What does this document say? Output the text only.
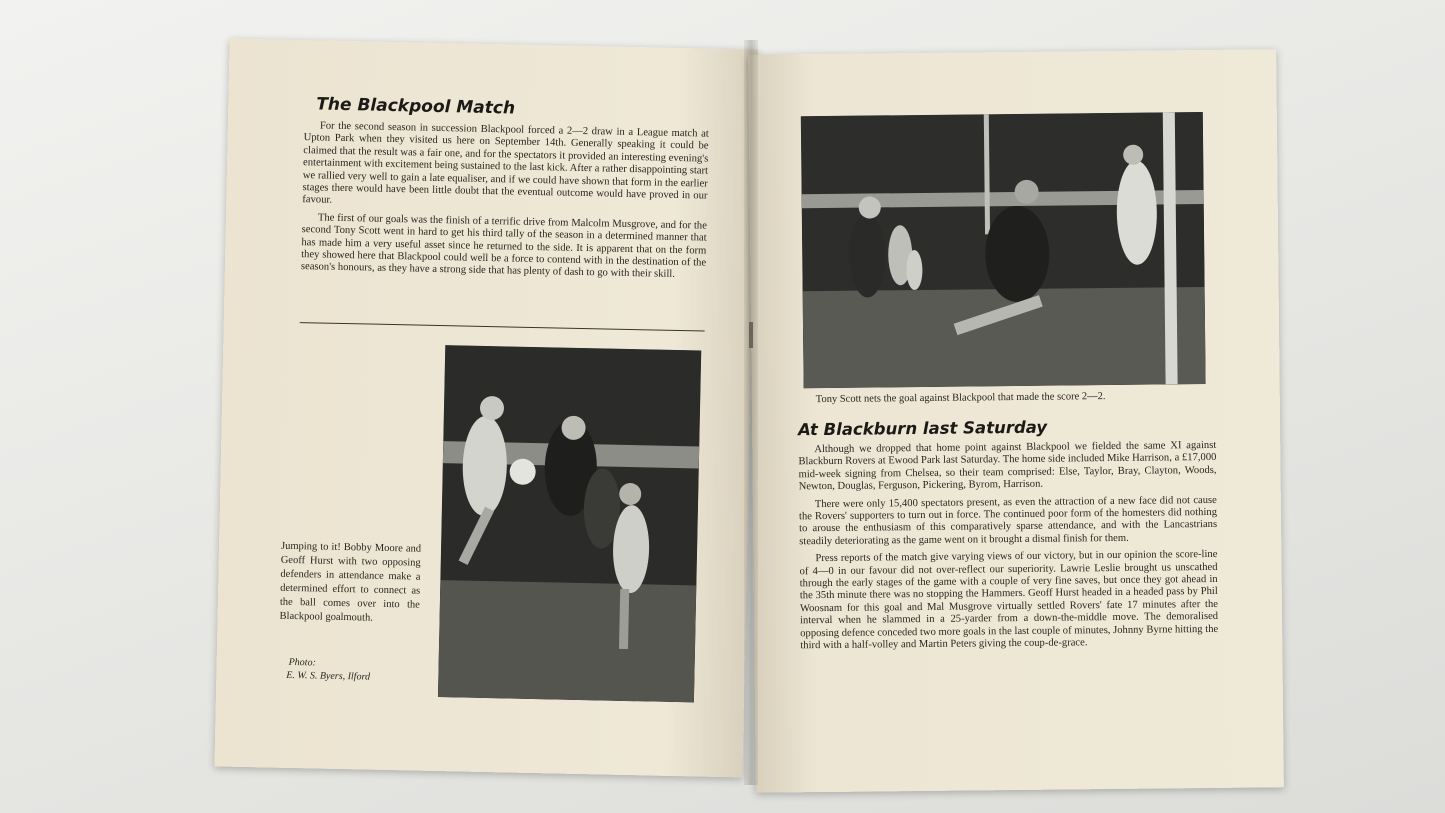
The Blackpool Match

For the second season in succession Blackpool forced a 2—2 draw in a League match at Upton Park when they visited us here on September 14th. Generally speaking it could be claimed that the result was a fair one, and for the spectators it provided an interesting evening's entertainment with excitement being sustained to the last kick. After a rather disappointing start we rallied very well to gain a late equaliser, and if we could have shown that form in the earlier stages there would have been little doubt that the eventual outcome would have proved in our favour.

The first of our goals was the finish of a terrific drive from Malcolm Musgrove, and for the second Tony Scott went in hard to get his third tally of the season in a determined manner that has made him a very useful asset since he returned to the side. It is apparent that on the form they showed here that Blackpool could well be a force to contend with in the destination of the season's honours, as they have a strong side that has plenty of dash to go with their skill.

Jumping to it! Bobby Moore and Geoff Hurst with two opposing defenders in attendance make a determined effort to connect as the ball comes over into the Blackpool goalmouth.
Photo:
E. W. S. Byers, Ilford
Tony Scott nets the goal against Blackpool that made the score 2—2.
At Blackburn last Saturday

Although we dropped that home point against Blackpool we fielded the same XI against Blackburn Rovers at Ewood Park last Saturday. The home side included Mike Harrison, a £17,000 mid-week signing from Chelsea, so their team comprised: Else, Taylor, Bray, Clayton, Woods, Newton, Douglas, Ferguson, Pickering, Byrom, Harrison.

There were only 15,400 spectators present, as even the attraction of a new face did not cause the Rovers' supporters to turn out in force. The continued poor form of the homesters did nothing to arouse the enthusiasm of this comparatively sparse attendance, and with the Lancastrians steadily deteriorating as the game went on it brought a dismal finish for them.

Press reports of the match give varying views of our victory, but in our opinion the score-line of 4—0 in our favour did not over-reflect our superiority. Lawrie Leslie brought us unscathed through the early stages of the game with a couple of very fine saves, but once they got ahead in the 35th minute there was no stopping the Hammers. Geoff Hurst headed in a headed pass by Phil Woosnam for this goal and Mal Musgrove virtually settled Rovers' fate 17 minutes after the interval when he slammed in a 25-yarder from a down-the-middle move. The demoralised opposing defence conceded two more goals in the last couple of minutes, Johnny Byrne hitting the third with a half-volley and Martin Peters giving the coup-de-grace.
